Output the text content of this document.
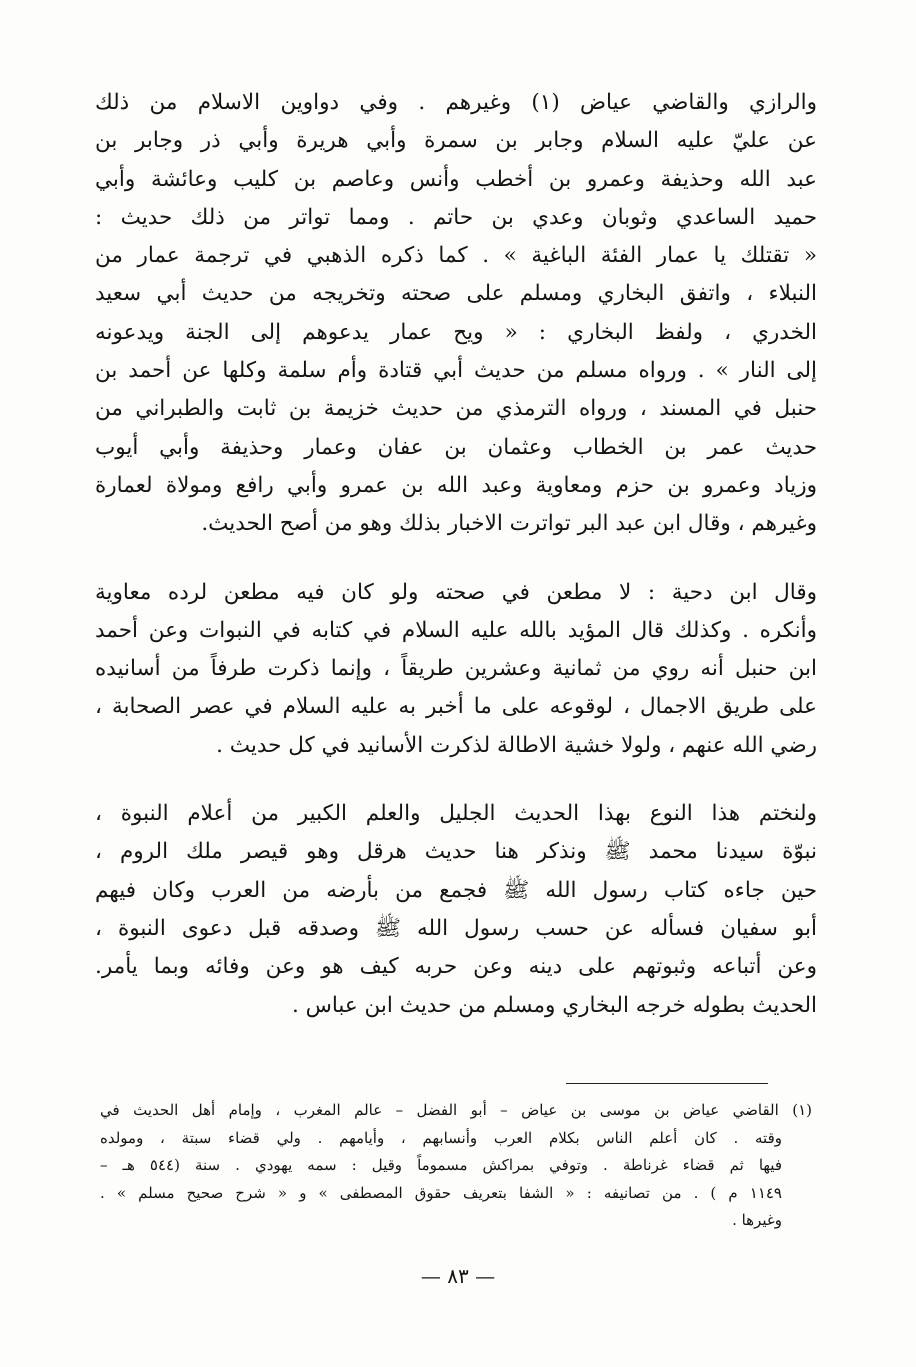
والرازي والقاضي عياض (١) وغيرهم . وفي دواوين الاسلام من ذلك
عن عليّ عليه السلام وجابر بن سمرة وأبي هريرة وأبي ذر وجابر بن
عبد الله وحذيفة وعمرو بن أخطب وأنس وعاصم بن كليب وعائشة وأبي
حميد الساعدي وثوبان وعدي بن حاتم . ومما تواتر من ذلك حديث :
« تقتلك يا عمار الفئة الباغية » . كما ذكره الذهبي في ترجمة عمار من
النبلاء ، واتفق البخاري ومسلم على صحته وتخريجه من حديث أبي سعيد
الخدري ، ولفظ البخاري : « ويح عمار يدعوهم إلى الجنة ويدعونه
إلى النار » . ورواه مسلم من حديث أبي قتادة وأم سلمة وكلها عن أحمد بن
حنبل في المسند ، ورواه الترمذي من حديث خزيمة بن ثابت والطبراني من
حديث عمر بن الخطاب وعثمان بن عفان وعمار وحذيفة وأبي أيوب
وزياد وعمرو بن حزم ومعاوية وعبد الله بن عمرو وأبي رافع ومولاة لعمارة
وغيرهم ، وقال ابن عبد البر تواترت الاخبار بذلك وهو من أصح الحديث.
وقال ابن دحية : لا مطعن في صحته ولو كان فيه مطعن لرده معاوية
وأنكره . وكذلك قال المؤيد بالله عليه السلام في كتابه في النبوات وعن أحمد
ابن حنبل أنه روي من ثمانية وعشرين طريقاً ، وإنما ذكرت طرفاً من أسانيده
على طريق الاجمال ، لوقوعه على ما أخبر به عليه السلام في عصر الصحابة ،
رضي الله عنهم ، ولولا خشية الاطالة لذكرت الأسانيد في كل حديث .
ولنختم هذا النوع بهذا الحديث الجليل والعلم الكبير من أعلام النبوة ،
نبوّة سيدنا محمد ﷺ ونذكر هنا حديث هرقل وهو قيصر ملك الروم ،
حين جاءه كتاب رسول الله ﷺ فجمع من بأرضه من العرب وكان فيهم
أبو سفيان فسأله عن حسب رسول الله ﷺ وصدقه قبل دعوى النبوة ،
وعن أتباعه وثبوتهم على دينه وعن حربه كيف هو وعن وفائه وبما يأمر.
الحديث بطوله خرجه البخاري ومسلم من حديث ابن عباس .
(١) القاضي عياض بن موسى بن عياض – أبو الفضل – عالم المغرب ، وإمام أهل الحديث في
وقته . كان أعلم الناس بكلام العرب وأنسابهم ، وأيامهم . ولي قضاء سبتة ، ومولده
فيها ثم قضاء غرناطة . وتوفي بمراكش مسموماً وقيل : سمه يهودي . سنة (٥٤٤ هـ –
١١٤٩ م ) . من تصانيفه : « الشفا بتعريف حقوق المصطفى » و « شرح صحيح مسلم » .
وغيرها .
— ٨٣ —
